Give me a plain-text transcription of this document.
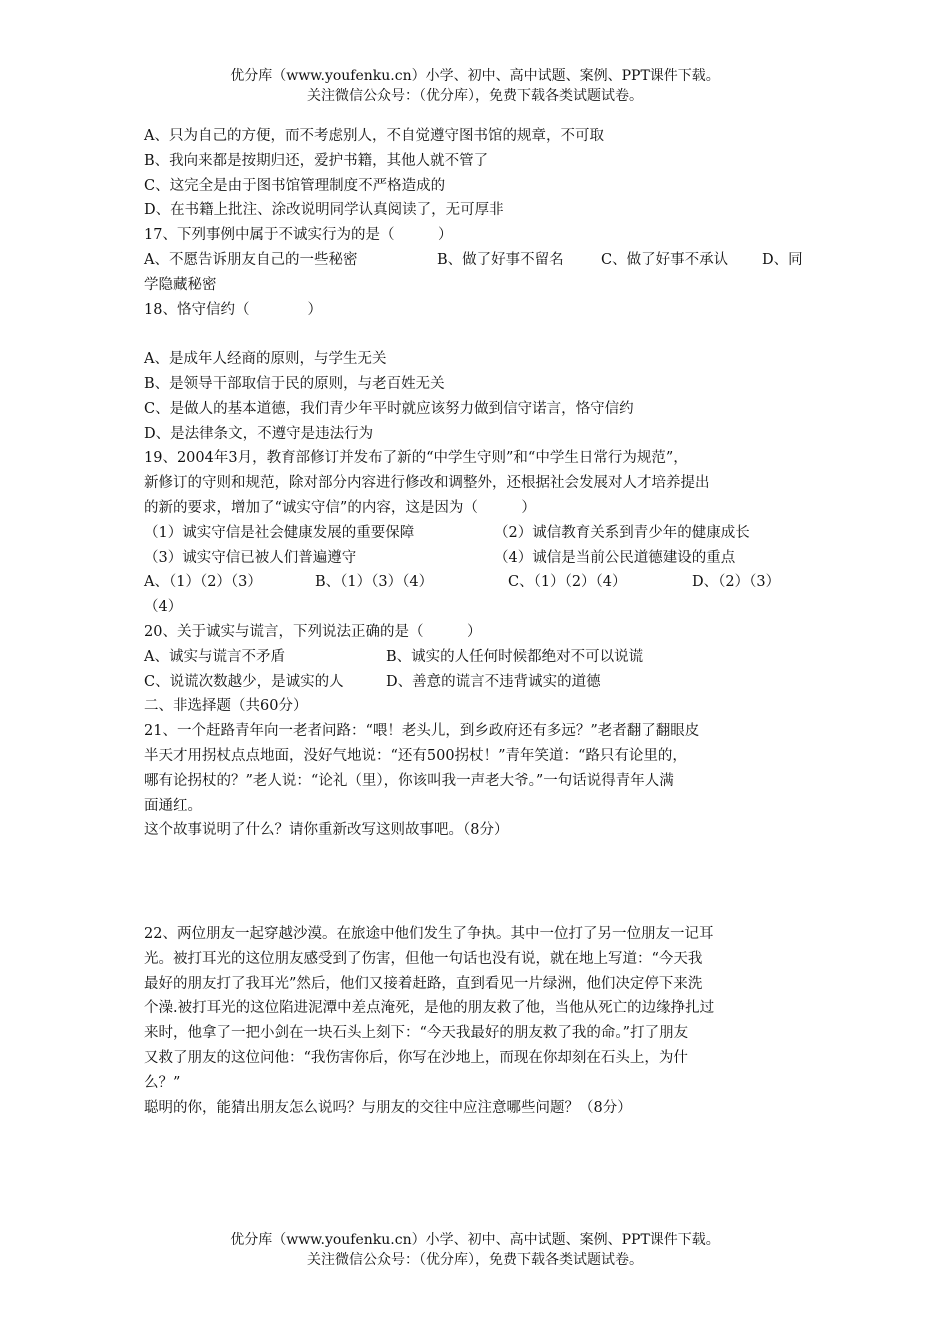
优分库（www.youfenku.cn）小学、初中、高中试题、案例、PPT课件下载。
关注微信公众号：（优分库），免费下载各类试题试卷。
A、只为自己的方便，而不考虑别人，不自觉遵守图书馆的规章，不可取
B、我向来都是按期归还，爱护书籍，其他人就不管了
C、这完全是由于图书馆管理制度不严格造成的
D、在书籍上批注、涂改说明同学认真阅读了，无可厚非
17、下列事例中属于不诚实行为的是（　　　）
A、不愿告诉朋友自己的一些秘密	B、做了好事不留名	C、做了好事不承认	D、同
学隐藏秘密
18、恪守信约（　　　　）
A、是成年人经商的原则，与学生无关
B、是领导干部取信于民的原则，与老百姓无关
C、是做人的基本道德，我们青少年平时就应该努力做到信守诺言，恪守信约
D、是法律条文，不遵守是违法行为
19、2004年3月，教育部修订并发布了新的“中学生守则”和“中学生日常行为规范”，
新修订的守则和规范，除对部分内容进行修改和调整外，还根据社会发展对人才培养提出
的新的要求，增加了“诚实守信”的内容，这是因为（　　　）
（1）诚实守信是社会健康发展的重要保障	（2）诚信教育关系到青少年的健康成长
（3）诚实守信已被人们普遍遵守	（4）诚信是当前公民道德建设的重点
A、（1）（2）（3）	B、（1）（3）（4）	C、（1）（2）（4）	D、（2）（3）
（4）
20、关于诚实与谎言，下列说法正确的是（　　　）
A、诚实与谎言不矛盾	B、诚实的人任何时候都绝对不可以说谎
C、说谎次数越少，是诚实的人	D、善意的谎言不违背诚实的道德
二、非选择题（共60分）
21、一个赶路青年向一老者问路：“喂！老头儿，到乡政府还有多远？”老者翻了翻眼皮
半天才用拐杖点点地面，没好气地说：“还有500拐杖！”青年笑道：“路只有论里的，
哪有论拐杖的？”老人说：“论礼（里），你该叫我一声老大爷。”一句话说得青年人满
面通红。
这个故事说明了什么？请你重新改写这则故事吧。（8分）
22、两位朋友一起穿越沙漠。在旅途中他们发生了争执。其中一位打了另一位朋友一记耳
光。被打耳光的这位朋友感受到了伤害，但他一句话也没有说，就在地上写道：“今天我
最好的朋友打了我耳光”然后，他们又接着赶路，直到看见一片绿洲，他们决定停下来洗
个澡.被打耳光的这位陷进泥潭中差点淹死，是他的朋友救了他，当他从死亡的边缘挣扎过
来时，他拿了一把小剑在一块石头上刻下：“今天我最好的朋友救了我的命。”打了朋友
又救了朋友的这位问他：“我伤害你后，你写在沙地上，而现在你却刻在石头上，为什
么？”
聪明的你，能猜出朋友怎么说吗？与朋友的交往中应注意哪些问题？（8分）
优分库（www.youfenku.cn）小学、初中、高中试题、案例、PPT课件下载。
关注微信公众号：（优分库），免费下载各类试题试卷。
